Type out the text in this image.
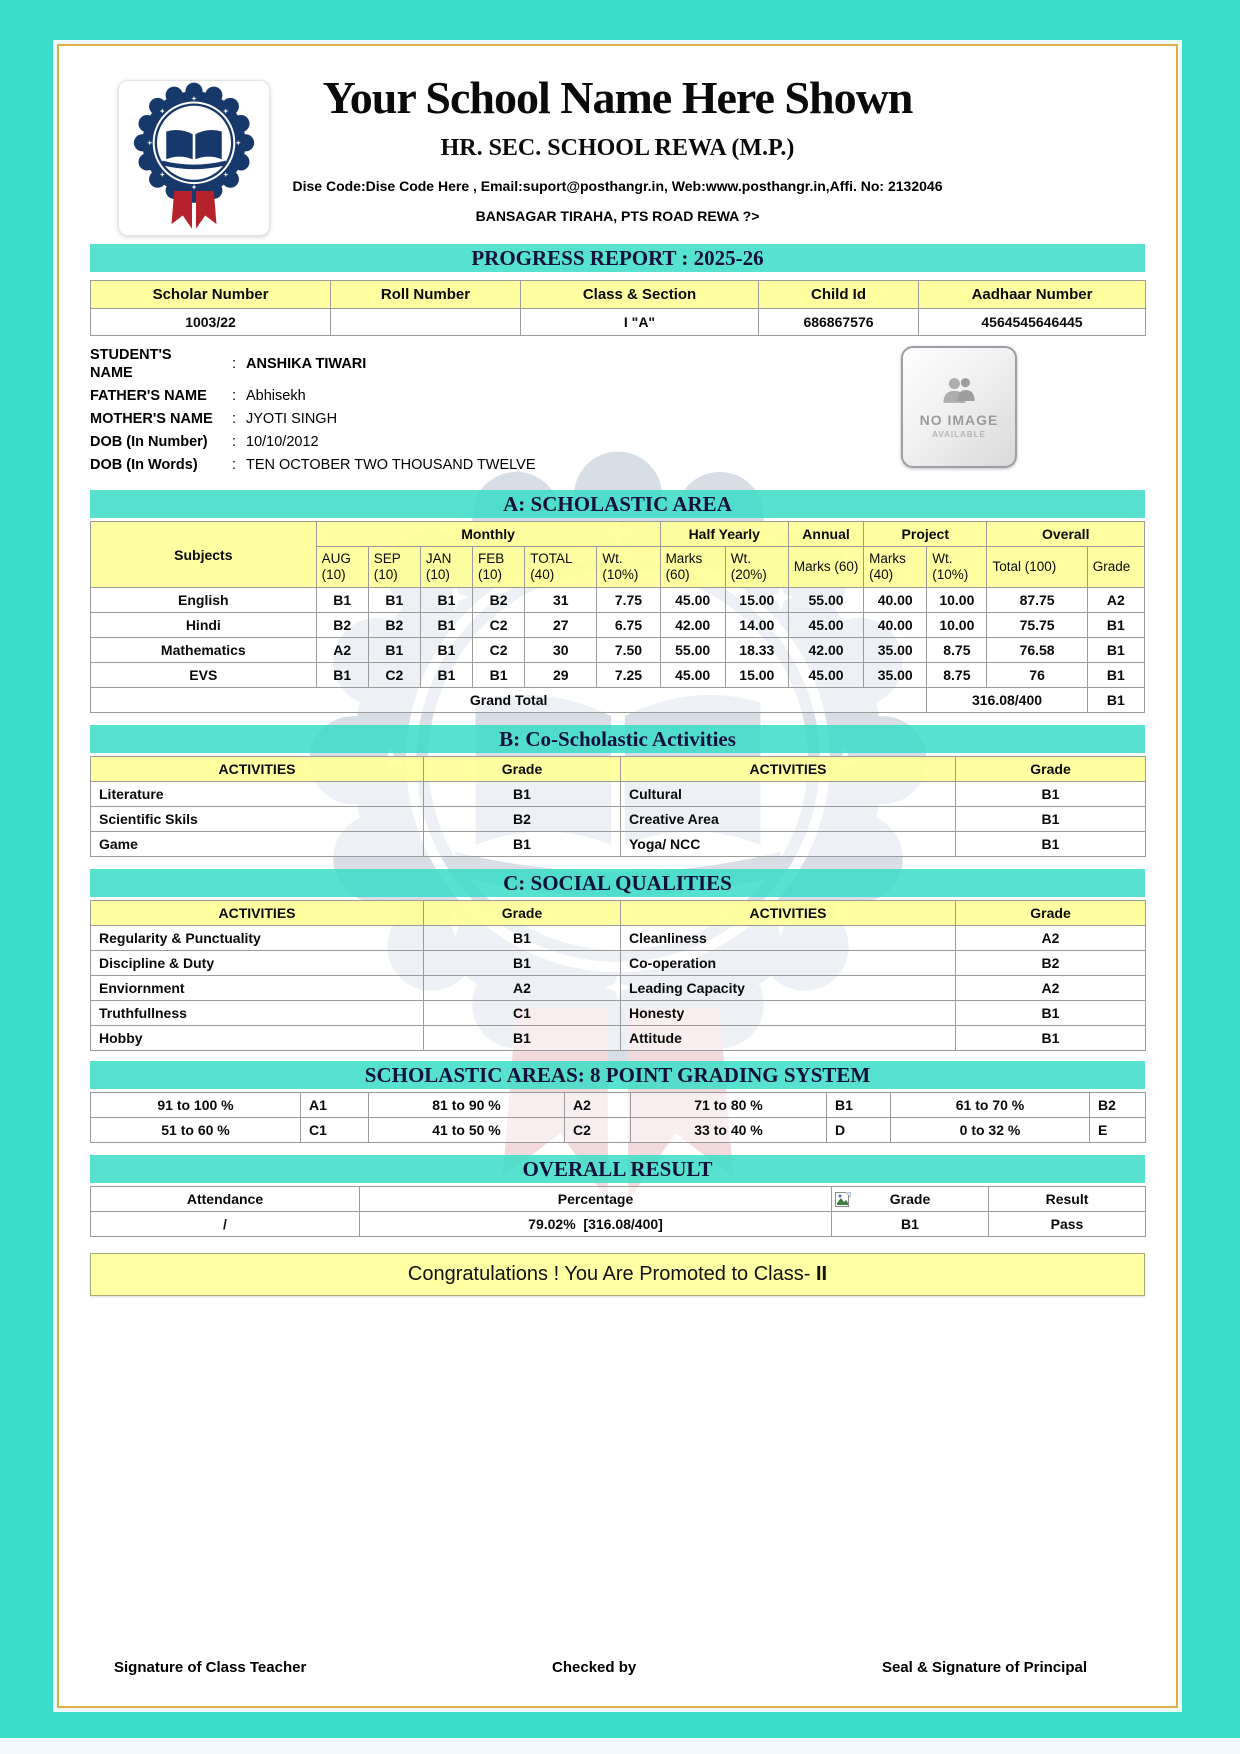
Your School Name Here Shown
HR. SEC. SCHOOL REWA (M.P.)
Dise Code:Dise Code Here , Email:suport@posthangr.in, Web:www.posthangr.in,Affi. No: 2132046
BANSAGAR TIRAHA, PTS ROAD REWA ?>
PROGRESS REPORT : 2025-26
Scholar Number	Roll Number	Class & Section	Child Id	Aadhaar Number
1003/22		I "A"	686867576	4564545646445
STUDENT'S NAME
: ANSHIKA TIWARI
FATHER'S NAME	: Abhisekh
MOTHER'S NAME	: JYOTI SINGH
DOB (In Number)	: 10/10/2012
DOB (In Words)	: TEN OCTOBER TWO THOUSAND TWELVE
NO IMAGE
AVAILABLE
A: SCHOLASTIC AREA
Subjects	Monthly						Half Yearly		Annual	Project		Overall	
	AUG (10)	SEP (10)	JAN (10)	FEB (10)	TOTAL (40)	Wt. (10%)	Marks (60)	Wt. (20%)	Marks (60)	Marks (40)	Wt. (10%)	Total (100)	Grade
English	B1	B1	B1	B2	31	7.75	45.00	15.00	55.00	40.00	10.00	87.75	A2
Hindi	B2	B2	B1	C2	27	6.75	42.00	14.00	45.00	40.00	10.00	75.75	B1
Mathematics	A2	B1	B1	C2	30	7.50	55.00	18.33	42.00	35.00	8.75	76.58	B1
EVS	B1	C2	B1	B1	29	7.25	45.00	15.00	45.00	35.00	8.75	76	B1
Grand Total											316.08/400		B1
B: Co-Scholastic Activities
ACTIVITIES	Grade	ACTIVITIES	Grade
Literature	B1	Cultural	B1
Scientific Skils	B2	Creative Area	B1
Game	B1	Yoga/ NCC	B1
C: SOCIAL QUALITIES
ACTIVITIES	Grade	ACTIVITIES	Grade
Regularity & Punctuality	B1	Cleanliness	A2
Discipline & Duty	B1	Co-operation	B2
Enviornment	A2	Leading Capacity	A2
Truthfullness	C1	Honesty	B1
Hobby	B1	Attitude	B1
SCHOLASTIC AREAS: 8 POINT GRADING SYSTEM
91 to 100 %	A1	81 to 90 %	A2	71 to 80 %	B1	61 to 70 %	B2
51 to 60 %	C1	41 to 50 %	C2	33 to 40 %	D	0 to 32 %	E
OVERALL RESULT
Attendance	Percentage	Grade	Result
/	79.02% [316.08/400]	B1	Pass
Congratulations ! You Are Promoted to Class- II
Signature of Class Teacher	Checked by	Seal & Signature of Principal
